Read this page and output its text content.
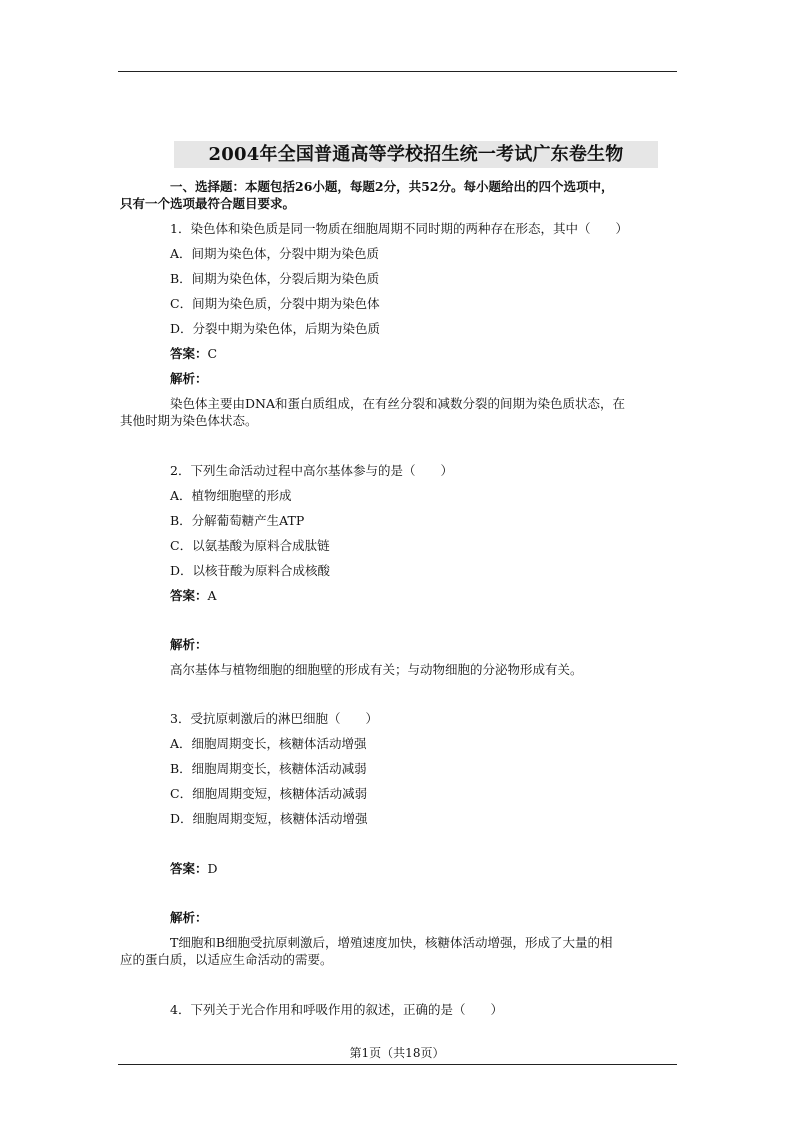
2004年全国普通高等学校招生统一考试广东卷生物
一、选择题：本题包括26小题，每题2分，共52分。每小题给出的四个选项中，
只有一个选项最符合题目要求。
1．染色体和染色质是同一物质在细胞周期不同时期的两种存在形态，其中（　　）
A．间期为染色体，分裂中期为染色质
B．间期为染色体，分裂后期为染色质
C．间期为染色质，分裂中期为染色体
D．分裂中期为染色体，后期为染色质
答案：C
解析：
染色体主要由DNA和蛋白质组成，在有丝分裂和减数分裂的间期为染色质状态，在
其他时期为染色体状态。
2．下列生命活动过程中高尔基体参与的是（　　）
A．植物细胞壁的形成
B．分解葡萄糖产生ATP
C．以氨基酸为原料合成肽链
D．以核苷酸为原料合成核酸
答案：A
解析：
高尔基体与植物细胞的细胞壁的形成有关；与动物细胞的分泌物形成有关。
3．受抗原刺激后的淋巴细胞（　　）
A．细胞周期变长，核糖体活动增强
B．细胞周期变长，核糖体活动减弱
C．细胞周期变短，核糖体活动减弱
D．细胞周期变短，核糖体活动增强
答案：D
解析：
T细胞和B细胞受抗原刺激后，增殖速度加快，核糖体活动增强，形成了大量的相
应的蛋白质，以适应生命活动的需要。
4．下列关于光合作用和呼吸作用的叙述，正确的是（　　）
第1页（共18页）
